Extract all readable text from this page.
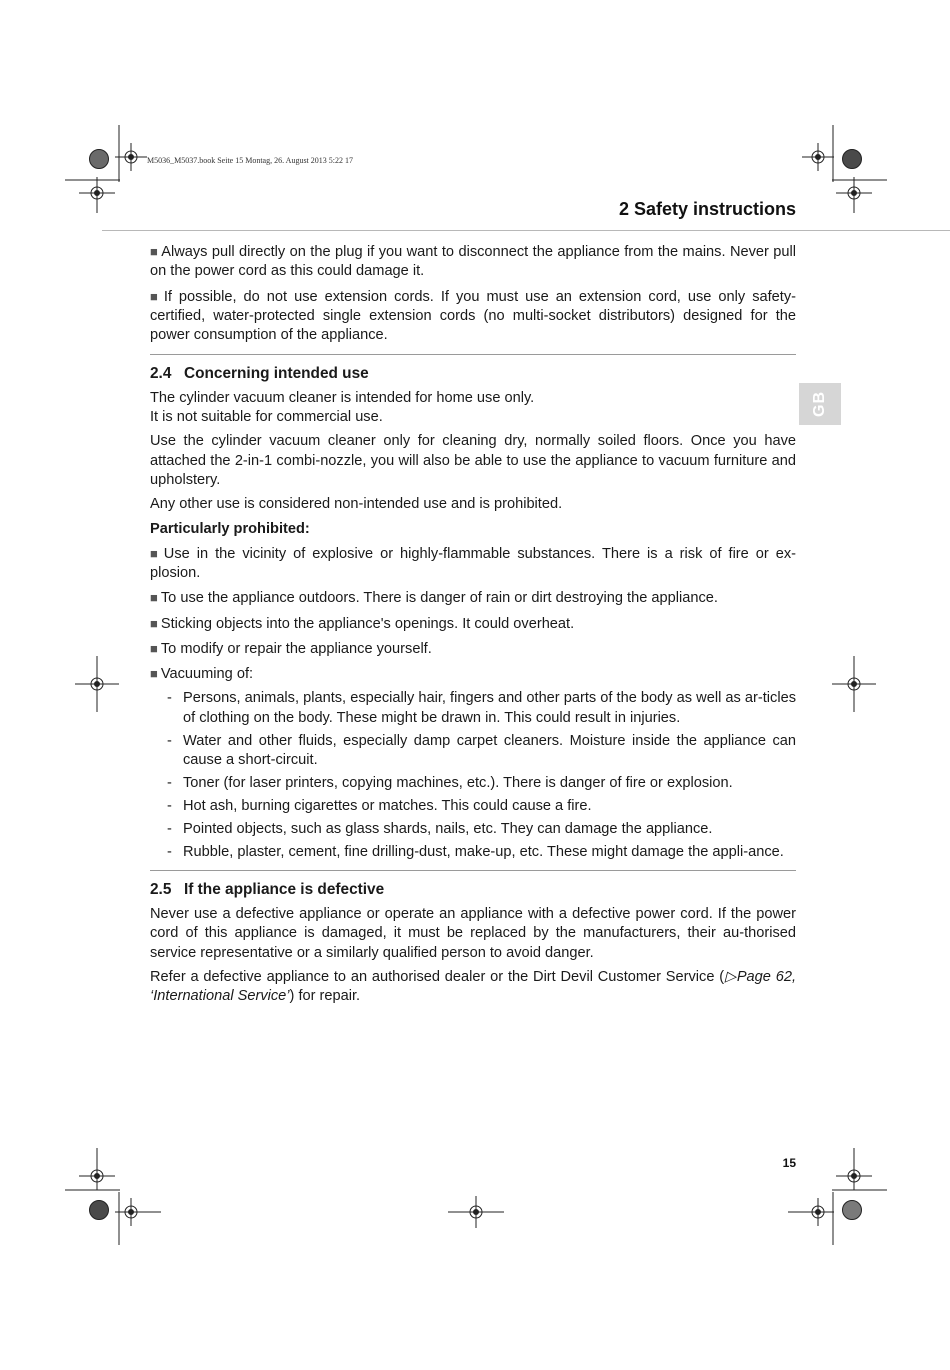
M5036_M5037.book Seite 15 Montag, 26. August 2013 5:22 17
2 Safety instructions
GB

■ Always pull directly on the plug if you want to disconnect the appliance from the mains. Never pull on the power cord as this could damage it.

■ If possible, do not use extension cords. If you must use an extension cord, use only safety-certified, water-protected single extension cords (no multi-socket distributors) designed for the power consumption of the appliance.

2.4 Concerning intended use

The cylinder vacuum cleaner is intended for home use only.
It is not suitable for commercial use.

Use the cylinder vacuum cleaner only for cleaning dry, normally soiled floors. Once you have attached the 2-in-1 combi-nozzle, you will also be able to use the appliance to vacuum furniture and upholstery.

Any other use is considered non-intended use and is prohibited.

Particularly prohibited:

■ Use in the vicinity of explosive or highly-flammable substances. There is a risk of fire or ex-plosion.

■ To use the appliance outdoors. There is danger of rain or dirt destroying the appliance.

■ Sticking objects into the appliance's openings. It could overheat.

■ To modify or repair the appliance yourself.

■ Vacuuming of:

- Persons, animals, plants, especially hair, fingers and other parts of the body as well as ar-ticles of clothing on the body. These might be drawn in. This could result in injuries.
- Water and other fluids, especially damp carpet cleaners. Moisture inside the appliance can cause a short-circuit.
- Toner (for laser printers, copying machines, etc.). There is danger of fire or explosion.
- Hot ash, burning cigarettes or matches. This could cause a fire.
- Pointed objects, such as glass shards, nails, etc. They can damage the appliance.
- Rubble, plaster, cement, fine drilling-dust, make-up, etc. These might damage the appli-ance.
2.5 If the appliance is defective

Never use a defective appliance or operate an appliance with a defective power cord. If the power cord of this appliance is damaged, it must be replaced by the manufacturers, their au-thorised service representative or a similarly qualified person to avoid danger.

Refer a defective appliance to an authorised dealer or the Dirt Devil Customer Service (▷Page 62, ‘International Service’) for repair.

15
